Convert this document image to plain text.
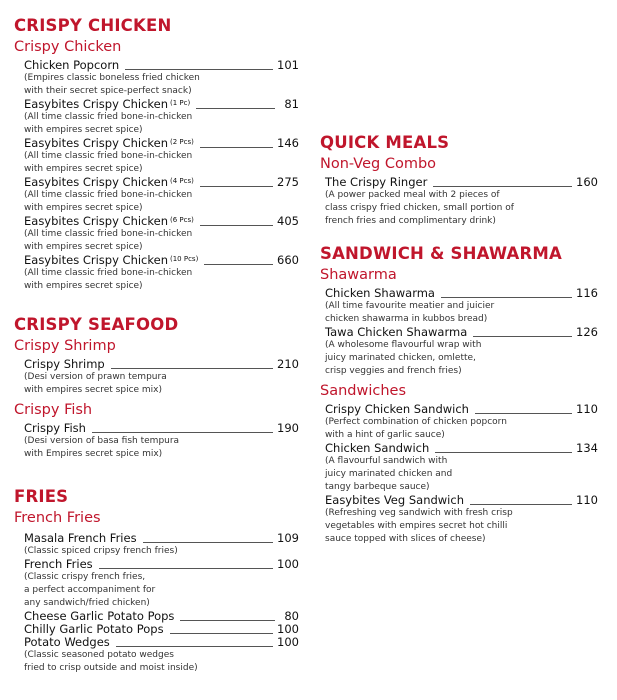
CRISPY CHICKEN
Crispy Chicken
Chicken Popcorn	101
(Empires classic boneless fried chicken
with their secret spice-perfect snack)
Easybites Crispy Chicken (1 Pc)	81
(All time classic fried bone-in-chicken
with empires secret spice)
Easybites Crispy Chicken (2 Pcs)	146
(All time classic fried bone-in-chicken
with empires secret spice)
Easybites Crispy Chicken (4 Pcs)	275
(All time classic fried bone-in-chicken
with empires secret spice)
Easybites Crispy Chicken (6 Pcs)	405
(All time classic fried bone-in-chicken
with empires secret spice)
Easybites Crispy Chicken (10 Pcs)	660
(All time classic fried bone-in-chicken
with empires secret spice)
CRISPY SEAFOOD
Crispy Shrimp
Crispy Shrimp	210
(Desi version of prawn tempura
with empires secret spice mix)
Crispy Fish
Crispy Fish	190
(Desi version of basa fish tempura
with Empires secret spice mix)
FRIES
French Fries
Masala French Fries	109
(Classic spiced cripsy french fries)
French Fries	100
(Classic crispy french fries,
a perfect accompaniment for
any sandwich/fried chicken)
Cheese Garlic Potato Pops	80
Chilly Garlic Potato Pops	100
Potato Wedges	100
(Classic seasoned potato wedges
fried to crisp outside and moist inside)
QUICK MEALS
Non-Veg Combo
The Crispy Ringer	160
(A power packed meal with 2 pieces of
class crispy fried chicken, small portion of
french fries and complimentary drink)
SANDWICH & SHAWARMA
Shawarma
Chicken Shawarma	116
(All time favourite meatier and juicier
chicken shawarma in kubbos bread)
Tawa Chicken Shawarma	126
(A wholesome flavourful wrap with
juicy marinated chicken, omlette,
crisp veggies and french fries)
Sandwiches
Crispy Chicken Sandwich	110
(Perfect combination of chicken popcorn
with a hint of garlic sauce)
Chicken Sandwich	134
(A flavourful sandwich with
juicy marinated chicken and
tangy barbeque sauce)
Easybites Veg Sandwich	110
(Refreshing veg sandwich with fresh crisp
vegetables with empires secret hot chilli
sauce topped with slices of cheese)
